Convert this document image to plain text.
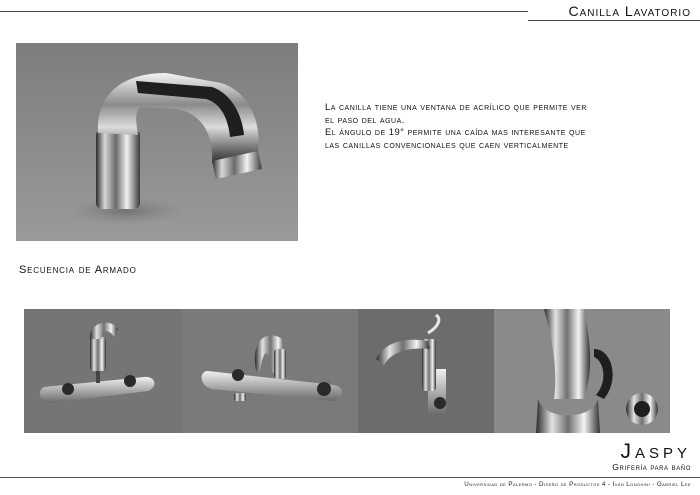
Canilla Lavatorio

La canilla tiene una ventana de acrílico que permite ver

el paso del agua.

El ángulo de 19° permite una caída mas interesante que

las canillas convencionales que caen verticalmente

Secuencia de Armado
Jaspy
Grifería para baño
Universidad de Palermo - Diseño de Productos 4 - Iván Longhini - Gabriel Lee
